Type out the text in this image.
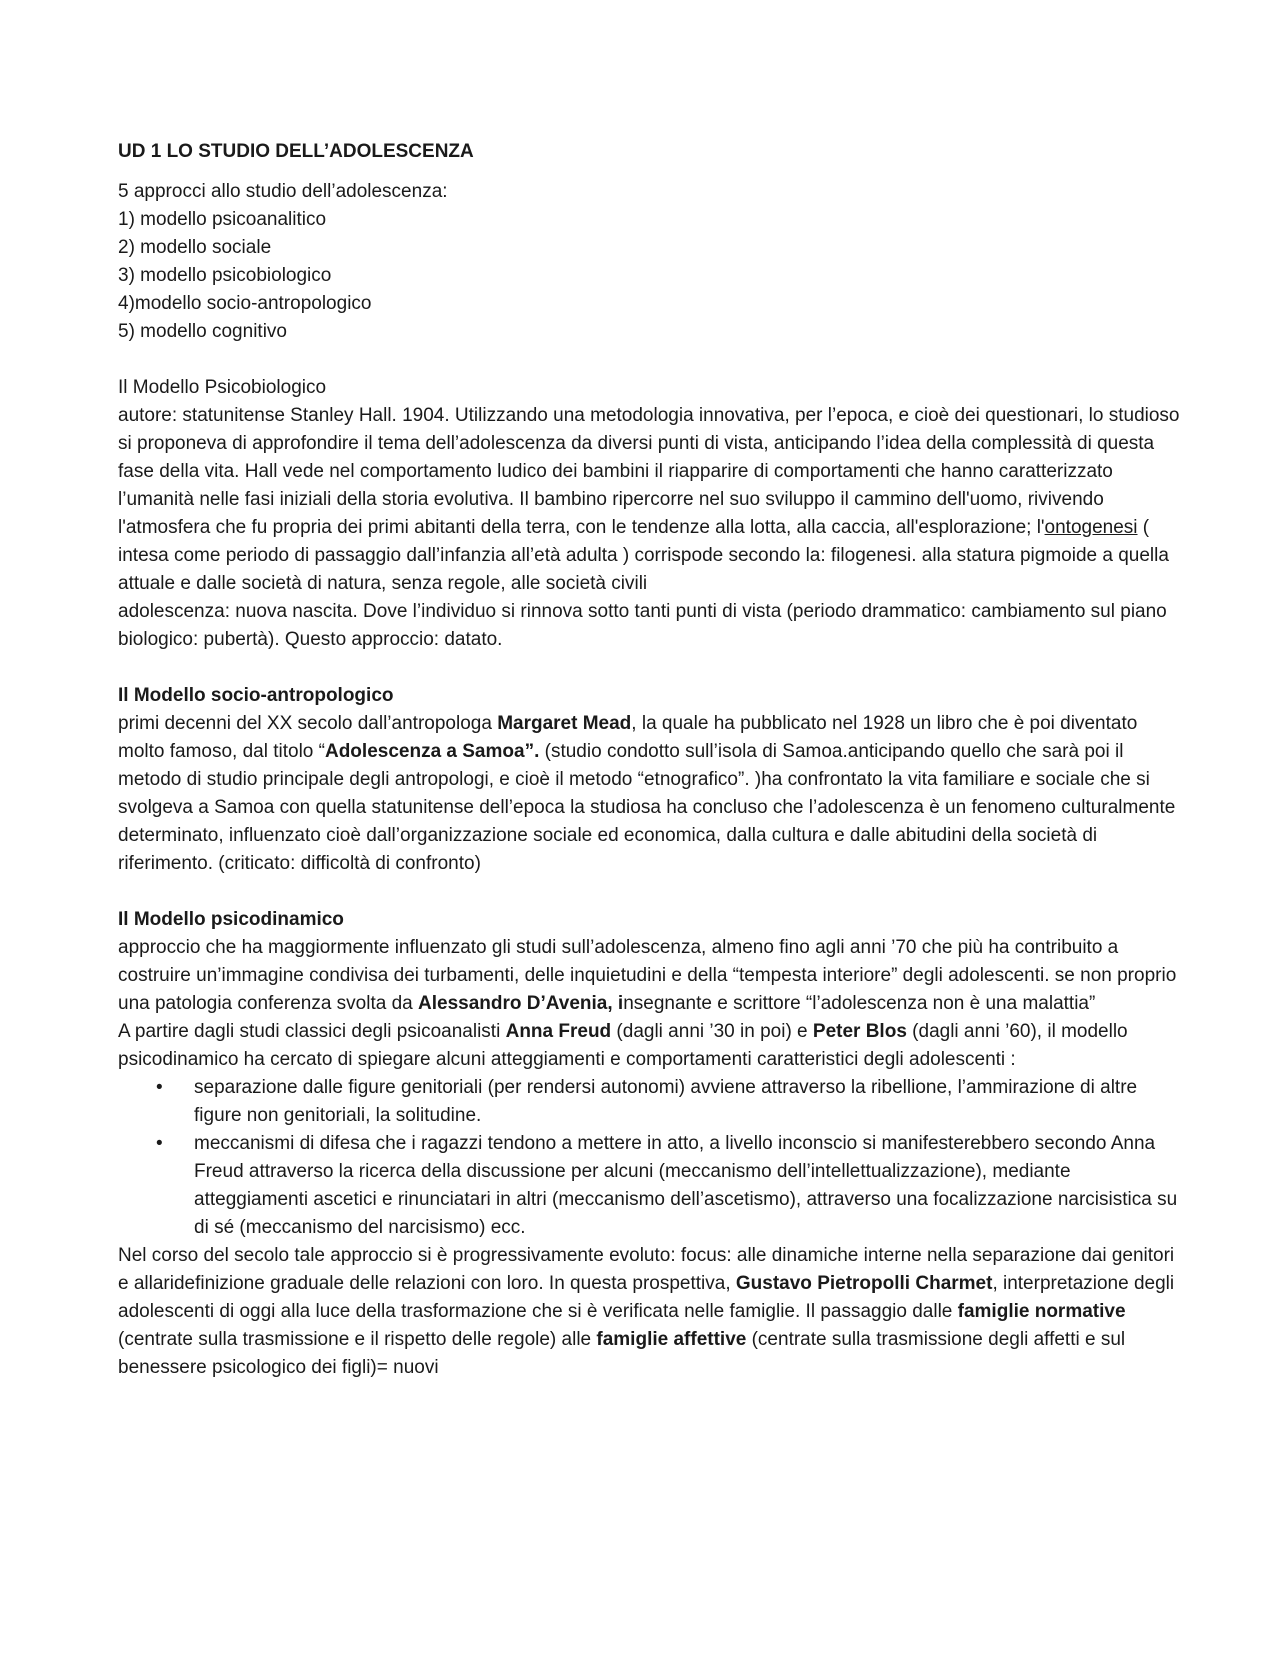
UD 1 LO STUDIO DELL’ADOLESCENZA

5 approcci allo studio dell’adolescenza:

1) modello psicoanalitico

2) modello sociale

3) modello psicobiologico

4)modello socio-antropologico

5) modello cognitivo

Il Modello Psicobiologico

autore: statunitense Stanley Hall. 1904. Utilizzando una metodologia innovativa, per l’epoca, e cioè dei questionari, lo studioso si proponeva di approfondire il tema dell’adolescenza da diversi punti di vista, anticipando l’idea della complessità di questa fase della vita. Hall vede nel comportamento ludico dei bambini il riapparire di comportamenti che hanno caratterizzato l’umanità nelle fasi iniziali della storia evolutiva. Il bambino ripercorre nel suo sviluppo il cammino dell'uomo, rivivendo l'atmosfera che fu propria dei primi abitanti della terra, con le tendenze alla lotta, alla caccia, all'esplorazione; l'ontogenesi ( intesa come periodo di passaggio dall’infanzia all’età adulta ) corrispode secondo la: filogenesi. alla statura pigmoide a quella attuale e dalle società di natura, senza regole, alle società civili

adolescenza: nuova nascita. Dove l’individuo si rinnova sotto tanti punti di vista (periodo drammatico: cambiamento sul piano biologico: pubertà). Questo approccio: datato.

Il Modello socio-antropologico

primi decenni del XX secolo dall’antropologa Margaret Mead, la quale ha pubblicato nel 1928 un libro che è poi diventato molto famoso, dal titolo “Adolescenza a Samoa”. (studio condotto sull’isola di Samoa.anticipando quello che sarà poi il metodo di studio principale degli antropologi, e cioè il metodo “etnografico”. )ha confrontato la vita familiare e sociale che si svolgeva a Samoa con quella statunitense dell’epoca la studiosa ha concluso che l’adolescenza è un fenomeno culturalmente determinato, influenzato cioè dall’organizzazione sociale ed economica, dalla cultura e dalle abitudini della società di riferimento. (criticato: difficoltà di confronto)

Il Modello psicodinamico

approccio che ha maggiormente influenzato gli studi sull’adolescenza, almeno fino agli anni ’70 che più ha contribuito a costruire un’immagine condivisa dei turbamenti, delle inquietudini e della “tempesta interiore” degli adolescenti. se non proprio una patologia conferenza svolta da Alessandro D’Avenia, insegnante e scrittore “l’adolescenza non è una malattia”

A partire dagli studi classici degli psicoanalisti Anna Freud (dagli anni ’30 in poi) e Peter Blos (dagli anni ’60), il modello psicodinamico ha cercato di spiegare alcuni atteggiamenti e comportamenti caratteristici degli adolescenti :

• separazione dalle figure genitoriali (per rendersi autonomi) avviene attraverso la ribellione, l’ammirazione di altre figure non genitoriali, la solitudine.
• meccanismi di difesa che i ragazzi tendono a mettere in atto, a livello inconscio si manifesterebbero secondo Anna Freud attraverso la ricerca della discussione per alcuni (meccanismo dell’intellettualizzazione), mediante atteggiamenti ascetici e rinunciatari in altri (meccanismo dell’ascetismo), attraverso una focalizzazione narcisistica su di sé (meccanismo del narcisismo) ecc.

Nel corso del secolo tale approccio si è progressivamente evoluto: focus: alle dinamiche interne nella separazione dai genitori e allaridefinizione graduale delle relazioni con loro. In questa prospettiva, Gustavo Pietropolli Charmet, interpretazione degli adolescenti di oggi alla luce della trasformazione che si è verificata nelle famiglie. Il passaggio dalle famiglie normative (centrate sulla trasmissione e il rispetto delle regole) alle famiglie affettive (centrate sulla trasmissione degli affetti e sul benessere psicologico dei figli)= nuovi
